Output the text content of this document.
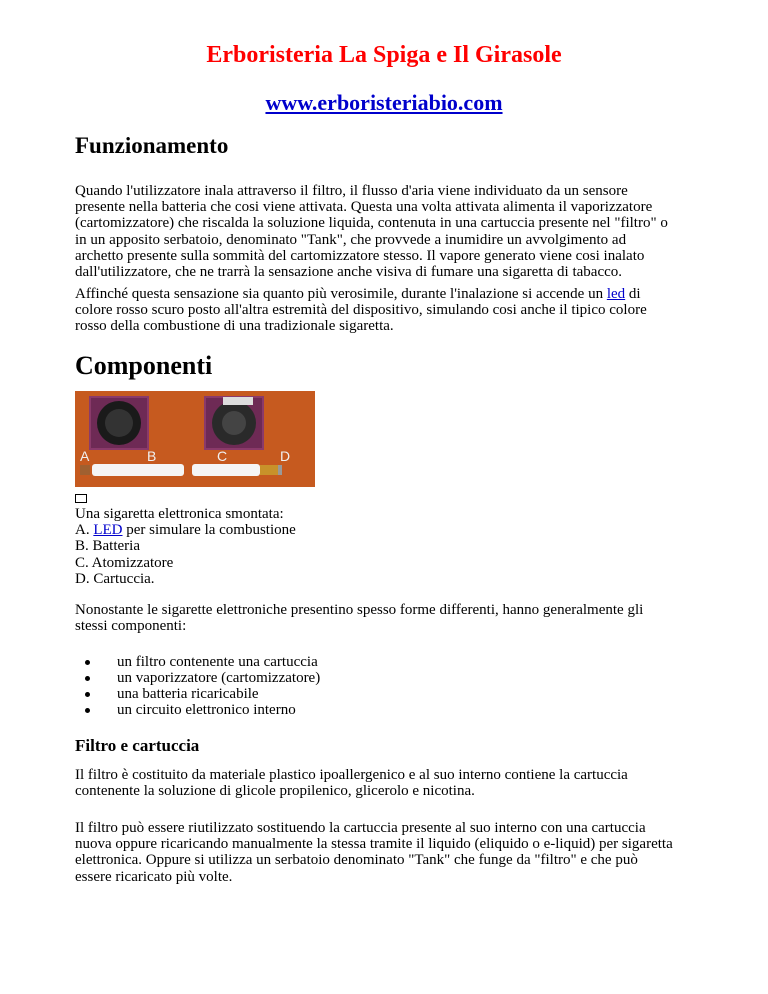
Erboristeria La Spiga e Il Girasole
www.erboristeriabio.com
Funzionamento

Quando l'utilizzatore inala attraverso il filtro, il flusso d'aria viene individuato da un sensore
presente nella batteria che cosi viene attivata. Questa una volta attivata alimenta il vaporizzatore
(cartomizzatore) che riscalda la soluzione liquida, contenuta in una cartuccia presente nel "filtro" o
in un apposito serbatoio, denominato "Tank", che provvede a inumidire un avvolgimento ad
archetto presente sulla sommità del cartomizzatore stesso. Il vapore generato viene cosi inalato
dall'utilizzatore, che ne trarrà la sensazione anche visiva di fumare una sigaretta di tabacco.

Affinché questa sensazione sia quanto più verosimile, durante l'inalazione si accende un led di
colore rosso scuro posto all'altra estremità del dispositivo, simulando cosi anche il tipico colore
rosso della combustione di una tradizionale sigaretta.

Componenti
A	B	C	D
Una sigaretta elettronica smontata:
A. LED per simulare la combustione
B. Batteria
C. Atomizzatore
D. Cartuccia.

Nonostante le sigarette elettroniche presentino spesso forme differenti, hanno generalmente gli
stessi componenti:

un filtro contenente una cartuccia
un vaporizzatore (cartomizzatore)
una batteria ricaricabile
un circuito elettronico interno
Filtro e cartuccia

Il filtro è costituito da materiale plastico ipoallergenico e al suo interno contiene la cartuccia
contenente la soluzione di glicole propilenico, glicerolo e nicotina.

Il filtro può essere riutilizzato sostituendo la cartuccia presente al suo interno con una cartuccia
nuova oppure ricaricando manualmente la stessa tramite il liquido (eliquido o e-liquid) per sigaretta
elettronica. Oppure si utilizza un serbatoio denominato "Tank" che funge da "filtro" e che può
essere ricaricato più volte.
